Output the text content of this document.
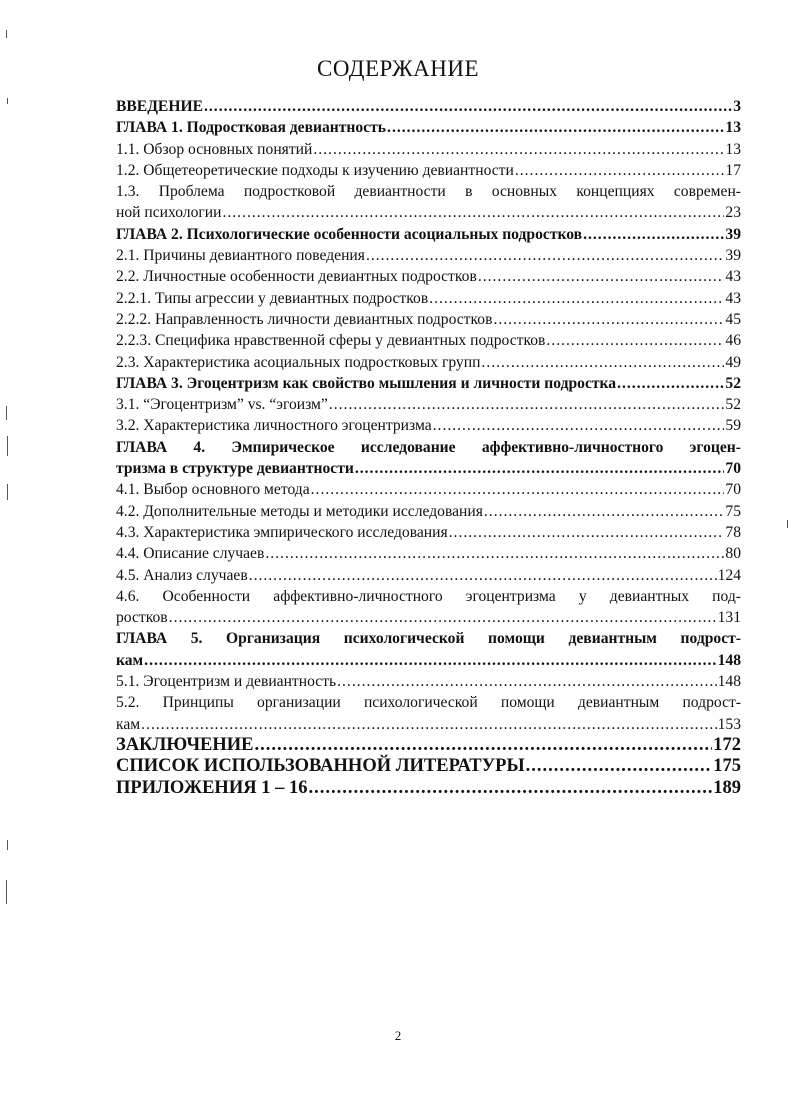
СОДЕРЖАНИЕ
ВВЕДЕНИЕ .....	3
ГЛАВА 1. Подростковая девиантность .....	13
1.1. Обзор основных понятий .....	13
1.2. Общетеоретические подходы к изучению девиантности .....	17
1.3. Проблема подростковой девиантности в основных концепциях современ-
ной психологии .....	23
ГЛАВА 2. Психологические особенности асоциальных подростков .....	39
2.1. Причины девиантного поведения .....	39
2.2. Личностные особенности девиантных подростков .....	43
2.2.1. Типы агрессии у девиантных подростков .....	43
2.2.2. Направленность личности девиантных подростков .....	45
2.2.3. Специфика нравственной сферы у девиантных подростков .....	46
2.3. Характеристика асоциальных подростковых групп .....	49
ГЛАВА 3. Эгоцентризм как свойство мышления и личности подростка .....	52
3.1. “Эгоцентризм” vs. “эгоизм” .....	52
3.2. Характеристика личностного эгоцентризма .....	59
ГЛАВА 4. Эмпирическое исследование аффективно-личностного эгоцен-
тризма в структуре девиантности .....	70
4.1. Выбор основного метода .....	70
4.2. Дополнительные методы и методики исследования .....	75
4.3. Характеристика эмпирического исследования .....	78
4.4. Описание случаев .....	80
4.5. Анализ случаев .....	124
4.6. Особенности аффективно-личностного эгоцентризма у девиантных под-
ростков .....	131
ГЛАВА 5. Организация психологической помощи девиантным подрост-
кам .....	148
5.1. Эгоцентризм и девиантность .....	148
5.2. Принципы организации психологической помощи девиантным подрост-
кам .....	153
ЗАКЛЮЧЕНИЕ .....	172
СПИСОК ИСПОЛЬЗОВАННОЙ ЛИТЕРАТУРЫ .....	175
ПРИЛОЖЕНИЯ 1 – 16 .....	189
2
